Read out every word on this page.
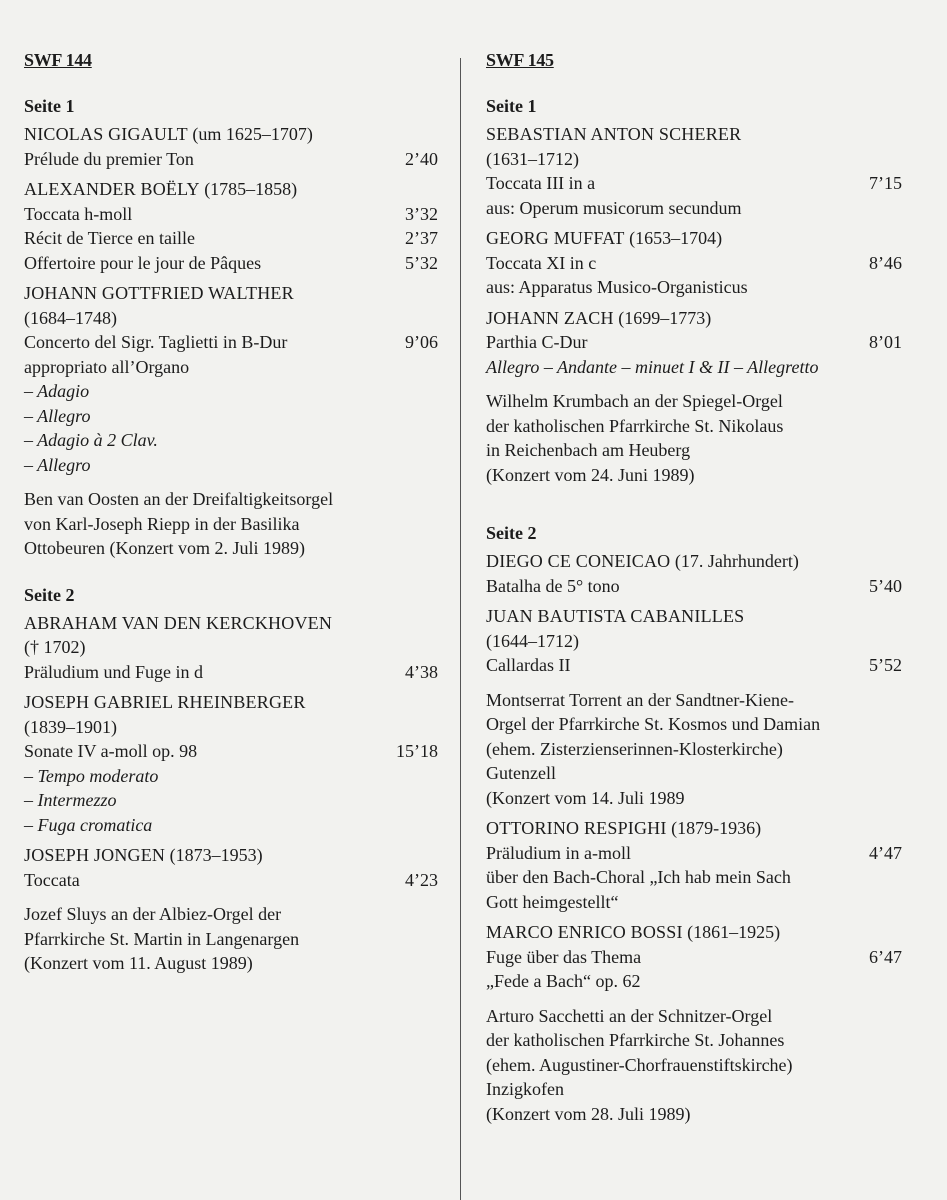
SWF 144
Seite 1
NICOLAS GIGAULT (um 1625–1707)
Prélude du premier Ton	2’40
ALEXANDER BOËLY (1785–1858)
Toccata h-moll	3’32
Récit de Tierce en taille	2’37
Offertoire pour le jour de Pâques	5’32
JOHANN GOTTFRIED WALTHER
(1684–1748)
Concerto del Sigr. Taglietti in B-Dur	9’06
appropriato all’Organo
– Adagio
– Allegro
– Adagio à 2 Clav.
– Allegro
Ben van Oosten an der Dreifaltigkeitsorgel
von Karl-Joseph Riepp in der Basilika
Ottobeuren (Konzert vom 2. Juli 1989)
Seite 2
ABRAHAM VAN DEN KERCKHOVEN
(† 1702)
Präludium und Fuge in d	4’38
JOSEPH GABRIEL RHEINBERGER
(1839–1901)
Sonate IV a-moll op. 98	15’18
– Tempo moderato
– Intermezzo
– Fuga cromatica
JOSEPH JONGEN (1873–1953)
Toccata	4’23
Jozef Sluys an der Albiez-Orgel der
Pfarrkirche St. Martin in Langenargen
(Konzert vom 11. August 1989)
SWF 145
Seite 1
SEBASTIAN ANTON SCHERER
(1631–1712)
Toccata III in a	7’15
aus: Operum musicorum secundum
GEORG MUFFAT (1653–1704)
Toccata XI in c	8’46
aus: Apparatus Musico-Organisticus
JOHANN ZACH (1699–1773)
Parthia C-Dur	8’01
Allegro – Andante – minuet I & II – Allegretto
Wilhelm Krumbach an der Spiegel-Orgel
der katholischen Pfarrkirche St. Nikolaus
in Reichenbach am Heuberg
(Konzert vom 24. Juni 1989)
Seite 2
DIEGO CE CONEICAO (17. Jahrhundert)
Batalha de 5° tono	5’40
JUAN BAUTISTA CABANILLES
(1644–1712)
Callardas II	5’52
Montserrat Torrent an der Sandtner-Kiene-
Orgel der Pfarrkirche St. Kosmos und Damian
(ehem. Zisterzienserinnen-Klosterkirche)
Gutenzell
(Konzert vom 14. Juli 1989
OTTORINO RESPIGHI (1879-1936)
Präludium in a-moll	4’47
über den Bach-Choral „Ich hab mein Sach
Gott heimgestellt“
MARCO ENRICO BOSSI (1861–1925)
Fuge über das Thema	6’47
„Fede a Bach“ op. 62
Arturo Sacchetti an der Schnitzer-Orgel
der katholischen Pfarrkirche St. Johannes
(ehem. Augustiner-Chorfrauenstiftskirche)
Inzigkofen
(Konzert vom 28. Juli 1989)
